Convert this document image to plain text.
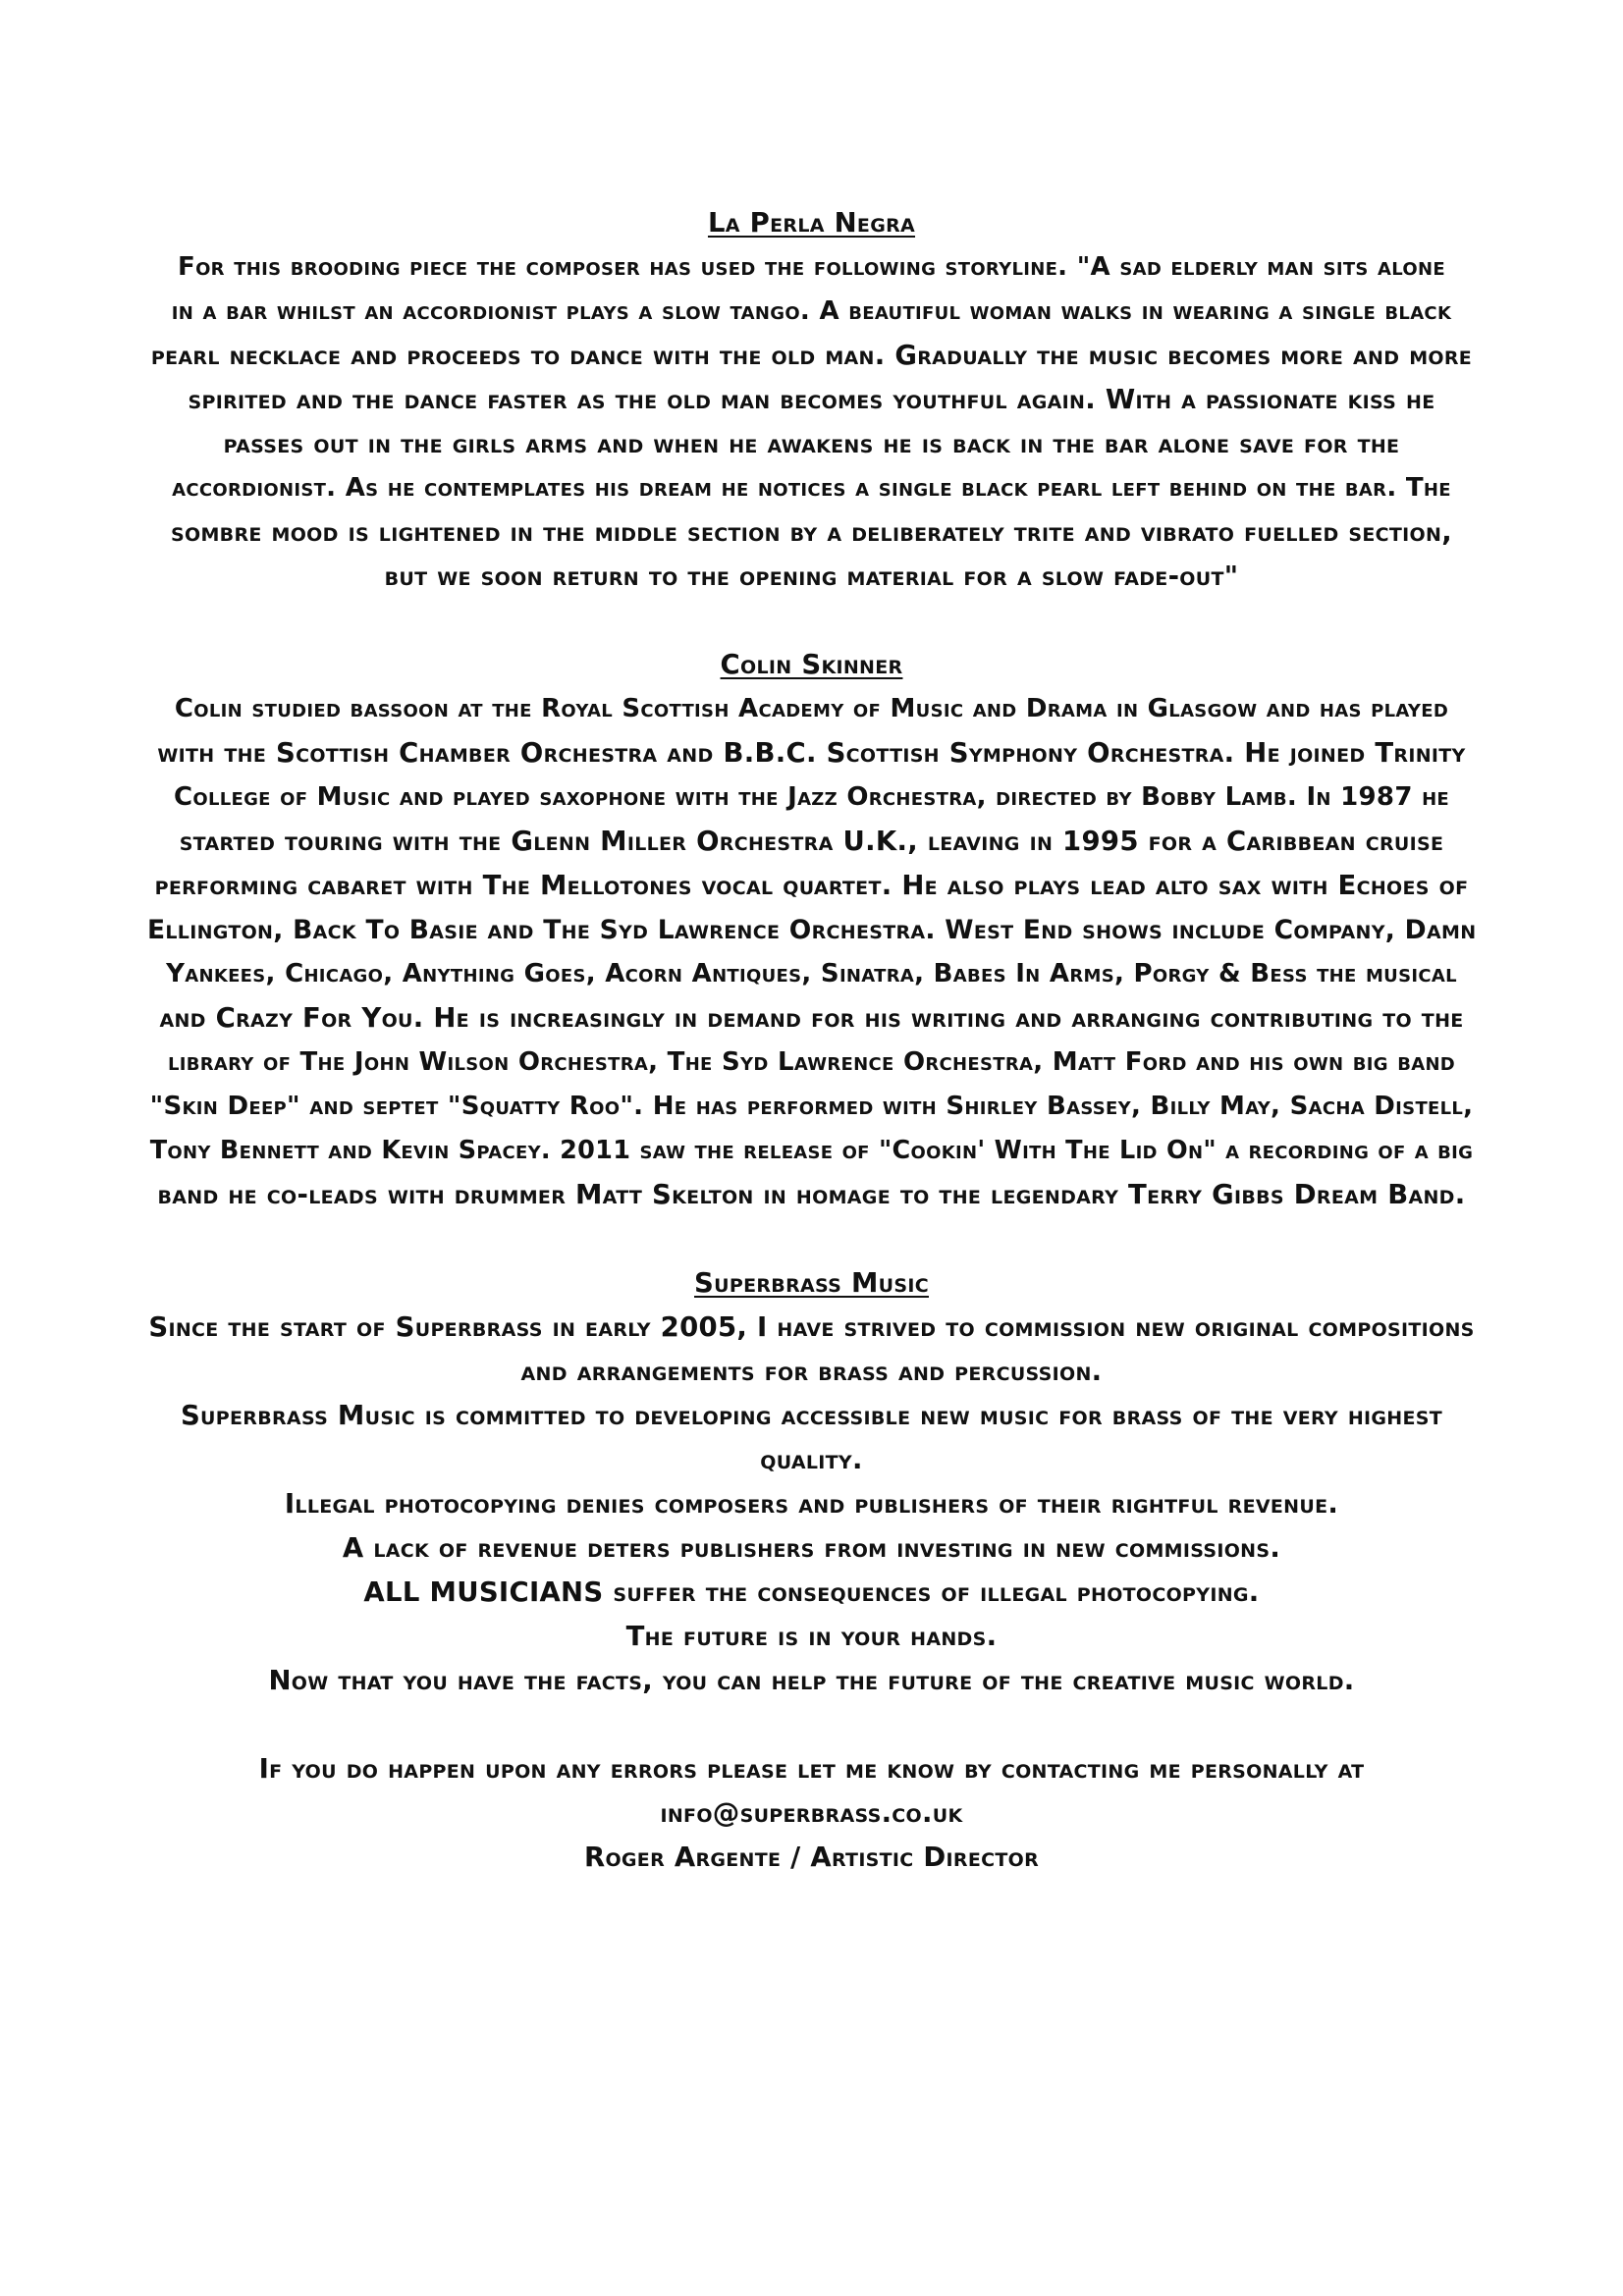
La Perla Negra

For this brooding piece the composer has used the following storyline. "A sad elderly man sits alone

in a bar whilst an accordionist plays a slow tango. A beautiful woman walks in wearing a single black

pearl necklace and proceeds to dance with the old man. Gradually the music becomes more and more

spirited and the dance faster as the old man becomes youthful again. With a passionate kiss he

passes out in the girls arms and when he awakens he is back in the bar alone save for the

accordionist. As he contemplates his dream he notices a single black pearl left behind on the bar. The

sombre mood is lightened in the middle section by a deliberately trite and vibrato fuelled section,

but we soon return to the opening material for a slow fade-out"

Colin Skinner

Colin studied bassoon at the Royal Scottish Academy of Music and Drama in Glasgow and has played

with the Scottish Chamber Orchestra and B.B.C. Scottish Symphony Orchestra. He joined Trinity

College of Music and played saxophone with the Jazz Orchestra, directed by Bobby Lamb. In 1987 he

started touring with the Glenn Miller Orchestra U.K., leaving in 1995 for a Caribbean cruise

performing cabaret with The Mellotones vocal quartet. He also plays lead alto sax with Echoes of

Ellington, Back To Basie and The Syd Lawrence Orchestra. West End shows include Company, Damn

Yankees, Chicago, Anything Goes, Acorn Antiques, Sinatra, Babes In Arms, Porgy & Bess the musical

and Crazy For You. He is increasingly in demand for his writing and arranging contributing to the

library of The John Wilson Orchestra, The Syd Lawrence Orchestra, Matt Ford and his own big band

"Skin Deep" and septet "Squatty Roo". He has performed with Shirley Bassey, Billy May, Sacha Distell,

Tony Bennett and Kevin Spacey. 2011 saw the release of "Cookin' With The Lid On" a recording of a big

band he co-leads with drummer Matt Skelton in homage to the legendary Terry Gibbs Dream Band.

Superbrass Music

Since the start of Superbrass in early 2005, I have strived to commission new original compositions

and arrangements for brass and percussion.

Superbrass Music is committed to developing accessible new music for brass of the very highest

quality.

Illegal photocopying denies composers and publishers of their rightful revenue.

A lack of revenue deters publishers from investing in new commissions.

ALL MUSICIANS suffer the consequences of illegal photocopying.

The future is in your hands.

Now that you have the facts, you can help the future of the creative music world.

If you do happen upon any errors please let me know by contacting me personally at

info@superbrass.co.uk

Roger Argente / Artistic Director
